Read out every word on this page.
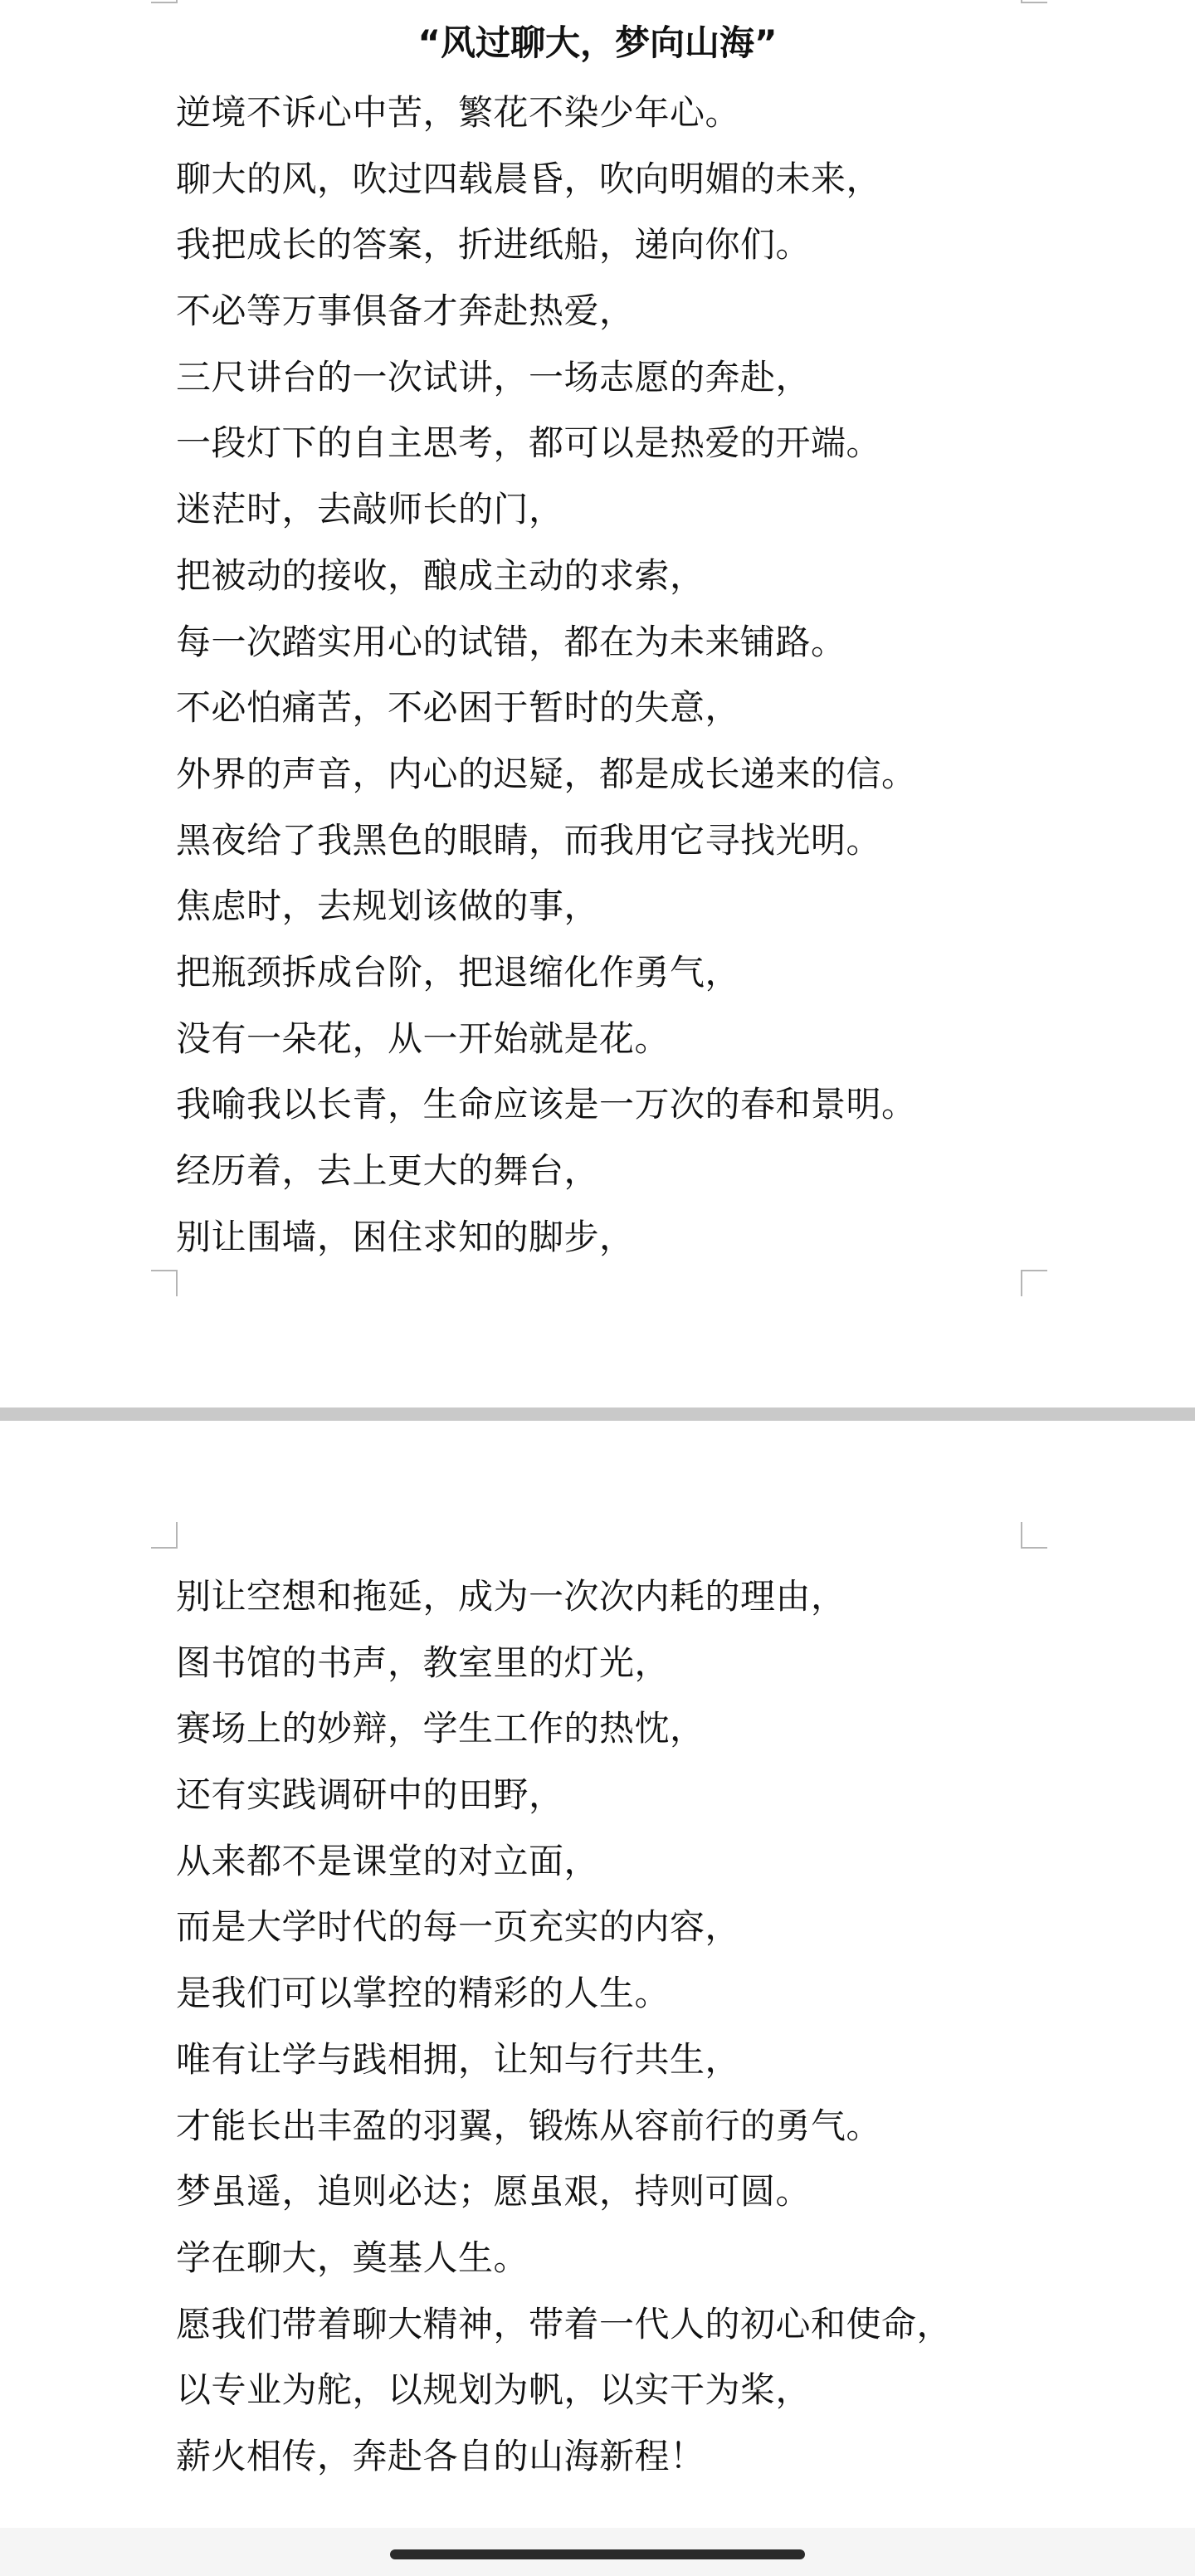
“风过聊大，梦向山海”

逆境不诉心中苦，繁花不染少年心。

聊大的风，吹过四载晨昏，吹向明媚的未来，

我把成长的答案，折进纸船，递向你们。

不必等万事俱备才奔赴热爱，

三尺讲台的一次试讲，一场志愿的奔赴，

一段灯下的自主思考，都可以是热爱的开端。

迷茫时，去敲师长的门，

把被动的接收，酿成主动的求索，

每一次踏实用心的试错，都在为未来铺路。

不必怕痛苦，不必困于暂时的失意，

外界的声音，内心的迟疑，都是成长递来的信。

黑夜给了我黑色的眼睛，而我用它寻找光明。

焦虑时，去规划该做的事，

把瓶颈拆成台阶，把退缩化作勇气，

没有一朵花，从一开始就是花。

我喻我以长青，生命应该是一万次的春和景明。

经历着，去上更大的舞台，

别让围墙，困住求知的脚步，

别让空想和拖延，成为一次次内耗的理由，

图书馆的书声，教室里的灯光，

赛场上的妙辩，学生工作的热忱，

还有实践调研中的田野，

从来都不是课堂的对立面，

而是大学时代的每一页充实的内容，

是我们可以掌控的精彩的人生。

唯有让学与践相拥，让知与行共生，

才能长出丰盈的羽翼，锻炼从容前行的勇气。

梦虽遥，追则必达；愿虽艰，持则可圆。

学在聊大，奠基人生。

愿我们带着聊大精神，带着一代人的初心和使命，

以专业为舵，以规划为帆，以实干为桨，

薪火相传，奔赴各自的山海新程！
